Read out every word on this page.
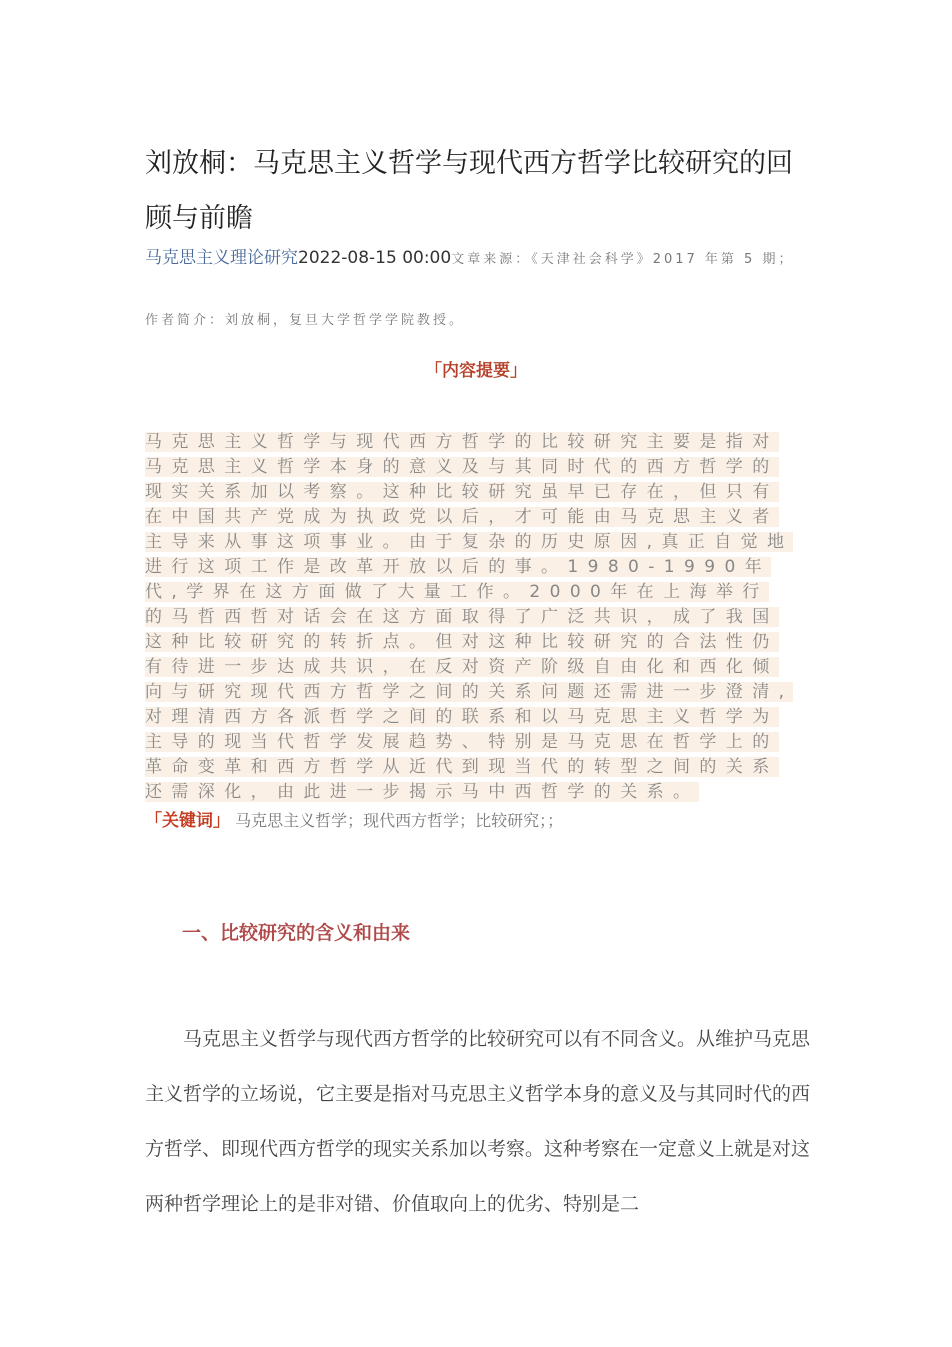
刘放桐：马克思主义哲学与现代西方哲学比较研究的回顾与前瞻
马克思主义理论研究2022-08-15 00:00文章来源：《天津社会科学》2017 年第 5 期；
作者简介：刘放桐，复旦大学哲学学院教授。
「内容提要」
马克思主义哲学与现代西方哲学的比较研究主要是指对马克思主义哲学本身的意义及与其同时代的西方哲学的现实关系加以考察。这种比较研究虽早已存在，但只有在中国共产党成为执政党以后，才可能由马克思主义者主导来从事这项事业。由于复杂的历史原因,真正自觉地进行这项工作是改革开放以后的事。1980-1990年代,学界在这方面做了大量工作。2000年在上海举行的马哲西哲对话会在这方面取得了广泛共识，成了我国这种比较研究的转折点。但对这种比较研究的合法性仍有待进一步达成共识，在反对资产阶级自由化和西化倾向与研究现代西方哲学之间的关系问题还需进一步澄清,对理清西方各派哲学之间的联系和以马克思主义哲学为主导的现当代哲学发展趋势、特别是马克思在哲学上的革命变革和西方哲学从近代到现当代的转型之间的关系还需深化，由此进一步揭示马中西哲学的关系。
「关键词」 马克思主义哲学；现代西方哲学；比较研究；；
一、比较研究的含义和由来
马克思主义哲学与现代西方哲学的比较研究可以有不同含义。从维护马克思主义哲学的立场说，它主要是指对马克思主义哲学本身的意义及与其同时代的西方哲学、即现代西方哲学的现实关系加以考察。这种考察在一定意义上就是对这两种哲学理论上的是非对错、价值取向上的优劣、特别是二
